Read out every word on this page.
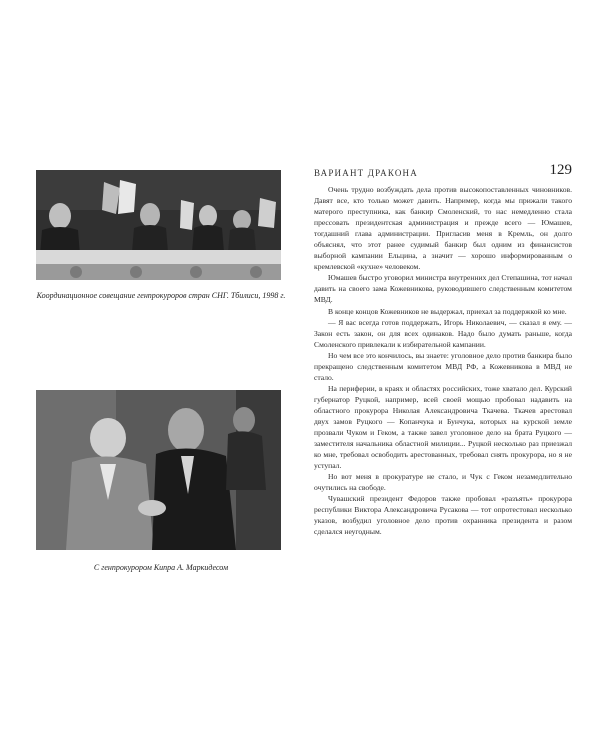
Координационное совещание генпрокуроров стран СНГ. Тбилиси, 1998 г.
С генпрокурором Кипра А. Маркидесом
ВАРИАНТ ДРАКОНА	129

Очень трудно возбуждать дела против высокопоставленных чиновников. Давят все, кто только может давить. Например, когда мы прижали такого матерого преступника, как банкир Смоленский, то нас немедленно стала прессовать президентская администрация и прежде всего — Юмашев, тогдашний глава администрации. Пригласив меня в Кремль, он долго объяснял, что этот ранее судимый банкир был одним из финансистов выборной кампании Ельцина, а значит — хорошо информированным о кремлевской «кухне» человеком.

Юмашев быстро уговорил министра внутренних дел Степашина, тот начал давить на своего зама Кожевникова, руководившего следственным комитетом МВД.

В конце концов Кожевников не выдержал, приехал за поддержкой ко мне.

— Я вас всегда готов поддержать, Игорь Николаевич, — сказал я ему. — Закон есть закон, он для всех одинаков. Надо было думать раньше, когда Смоленского привлекали к избирательной кампании.

Но чем все это кончилось, вы знаете: уголовное дело против банкира было прекращено следственным комитетом МВД РФ, а Кожевникова в МВД не стало.

На периферии, в краях и областях российских, тоже хватало дел. Курский губернатор Руцкой, например, всей своей мощью пробовал надавить на областного прокурора Николая Александровича Ткачева. Ткачев арестовал двух замов Руцкого — Копанчука и Бунчука, которых на курской земле прозвали Чуком и Геком, а также завел уголовное дело на брата Руцкого — заместителя начальника областной милиции... Руцкой несколько раз приезжал ко мне, требовал освободить арестованных, требовал снять прокурора, но я не уступал.

Но вот меня в прокуратуре не стало, и Чук с Геком незамедлительно очутились на свободе.

Чувашский президент Федоров также пробовал «разъять» прокурора республики Виктора Александровича Русакова — тот опротестовал несколько указов, возбудил уголовное дело против охранника президента и разом сделался неугодным.
